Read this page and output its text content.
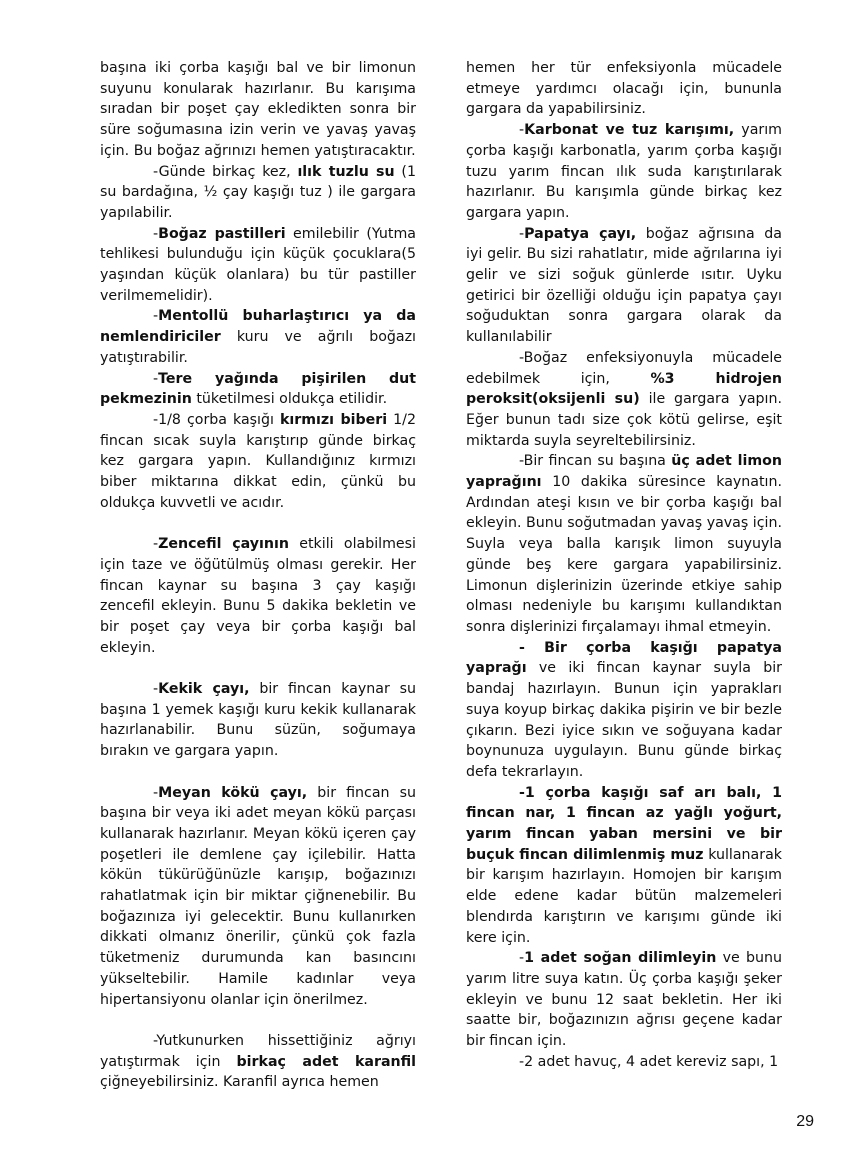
başına iki çorba kaşığı bal ve bir limonun suyunu konularak hazırlanır. Bu karışıma sıradan bir poşet çay ekledikten sonra bir süre soğumasına izin verin ve yavaş yavaş için. Bu boğaz ağrınızı hemen yatıştıracaktır.

-Günde birkaç kez, ılık tuzlu su (1 su bardağına, ½ çay kaşığı tuz ) ile gargara yapılabilir.

-Boğaz pastilleri emilebilir (Yutma tehlikesi bulunduğu için küçük çocuklara(5 yaşından küçük olanlara) bu tür pastiller verilmemelidir).

-Mentollü buharlaştırıcı ya da nemlendiriciler kuru ve ağrılı boğazı yatıştırabilir.

-Tere yağında pişirilen dut pekmezinin tüketilmesi oldukça etilidir.

-1/8 çorba kaşığı kırmızı biberi 1/2 fincan sıcak suyla karıştırıp günde birkaç kez gargara yapın. Kullandığınız kırmızı biber miktarına dikkat edin, çünkü bu oldukça kuvvetli ve acıdır.

-Zencefil çayının etkili olabilmesi için taze ve öğütülmüş olması gerekir. Her fincan kaynar su başına 3 çay kaşığı zencefil ekleyin. Bunu 5 dakika bekletin ve bir poşet çay veya bir çorba kaşığı bal ekleyin.

-Kekik çayı, bir fincan kaynar su başına 1 yemek kaşığı kuru kekik kullanarak hazırlanabilir. Bunu süzün, soğumaya bırakın ve gargara yapın.

-Meyan kökü çayı, bir fincan su başına bir veya iki adet meyan kökü parçası kullanarak hazırlanır. Meyan kökü içeren çay poşetleri ile demlene çay içilebilir. Hatta kökün tükürüğünüzle karışıp, boğazınızı rahatlatmak için bir miktar çiğnenebilir. Bu boğazınıza iyi gelecektir. Bunu kullanırken dikkati olmanız önerilir, çünkü çok fazla tüketmeniz durumunda kan basıncını yükseltebilir. Hamile kadınlar veya hipertansiyonu olanlar için önerilmez.

-Yutkunurken hissettiğiniz ağrıyı yatıştırmak için birkaç adet karanfil çiğneyebilirsiniz. Karanfil ayrıca hemen

hemen her tür enfeksiyonla mücadele etmeye yardımcı olacağı için, bununla gargara da yapabilirsiniz.

-Karbonat ve tuz karışımı, yarım çorba kaşığı karbonatla, yarım çorba kaşığı tuzu yarım fincan ılık suda karıştırılarak hazırlanır. Bu karışımla günde birkaç kez gargara yapın.

-Papatya çayı, boğaz ağrısına da iyi gelir. Bu sizi rahatlatır, mide ağrılarına iyi gelir ve sizi soğuk günlerde ısıtır. Uyku getirici bir özelliği olduğu için papatya çayı soğuduktan sonra gargara olarak da kullanılabilir

-Boğaz enfeksiyonuyla mücadele edebilmek için, %3 hidrojen peroksit(oksijenli su) ile gargara yapın. Eğer bunun tadı size çok kötü gelirse, eşit miktarda suyla seyreltebilirsiniz.

-Bir fincan su başına üç adet limon yaprağını 10 dakika süresince kaynatın. Ardından ateşi kısın ve bir çorba kaşığı bal ekleyin. Bunu soğutmadan yavaş yavaş için. Suyla veya balla karışık limon suyuyla günde beş kere gargara yapabilirsiniz. Limonun dişlerinizin üzerinde etkiye sahip olması nedeniyle bu karışımı kullandıktan sonra dişlerinizi fırçalamayı ihmal etmeyin.

- Bir çorba kaşığı papatya yaprağı ve iki fincan kaynar suyla bir bandaj hazırlayın. Bunun için yaprakları suya koyup birkaç dakika pişirin ve bir bezle çıkarın. Bezi iyice sıkın ve soğuyana kadar boynunuza uygulayın. Bunu günde birkaç defa tekrarlayın.

-1 çorba kaşığı saf arı balı, 1 fincan nar, 1 fincan az yağlı yoğurt, yarım fincan yaban mersini ve bir buçuk fincan dilimlenmiş muz kullanarak bir karışım hazırlayın. Homojen bir karışım elde edene kadar bütün malzemeleri blendırda karıştırın ve karışımı günde iki kere için.

-1 adet soğan dilimleyin ve bunu yarım litre suya katın. Üç çorba kaşığı şeker ekleyin ve bunu 12 saat bekletin. Her iki saatte bir, boğazınızın ağrısı geçene kadar bir fincan için.

-2 adet havuç, 4 adet kereviz sapı, 1

29
